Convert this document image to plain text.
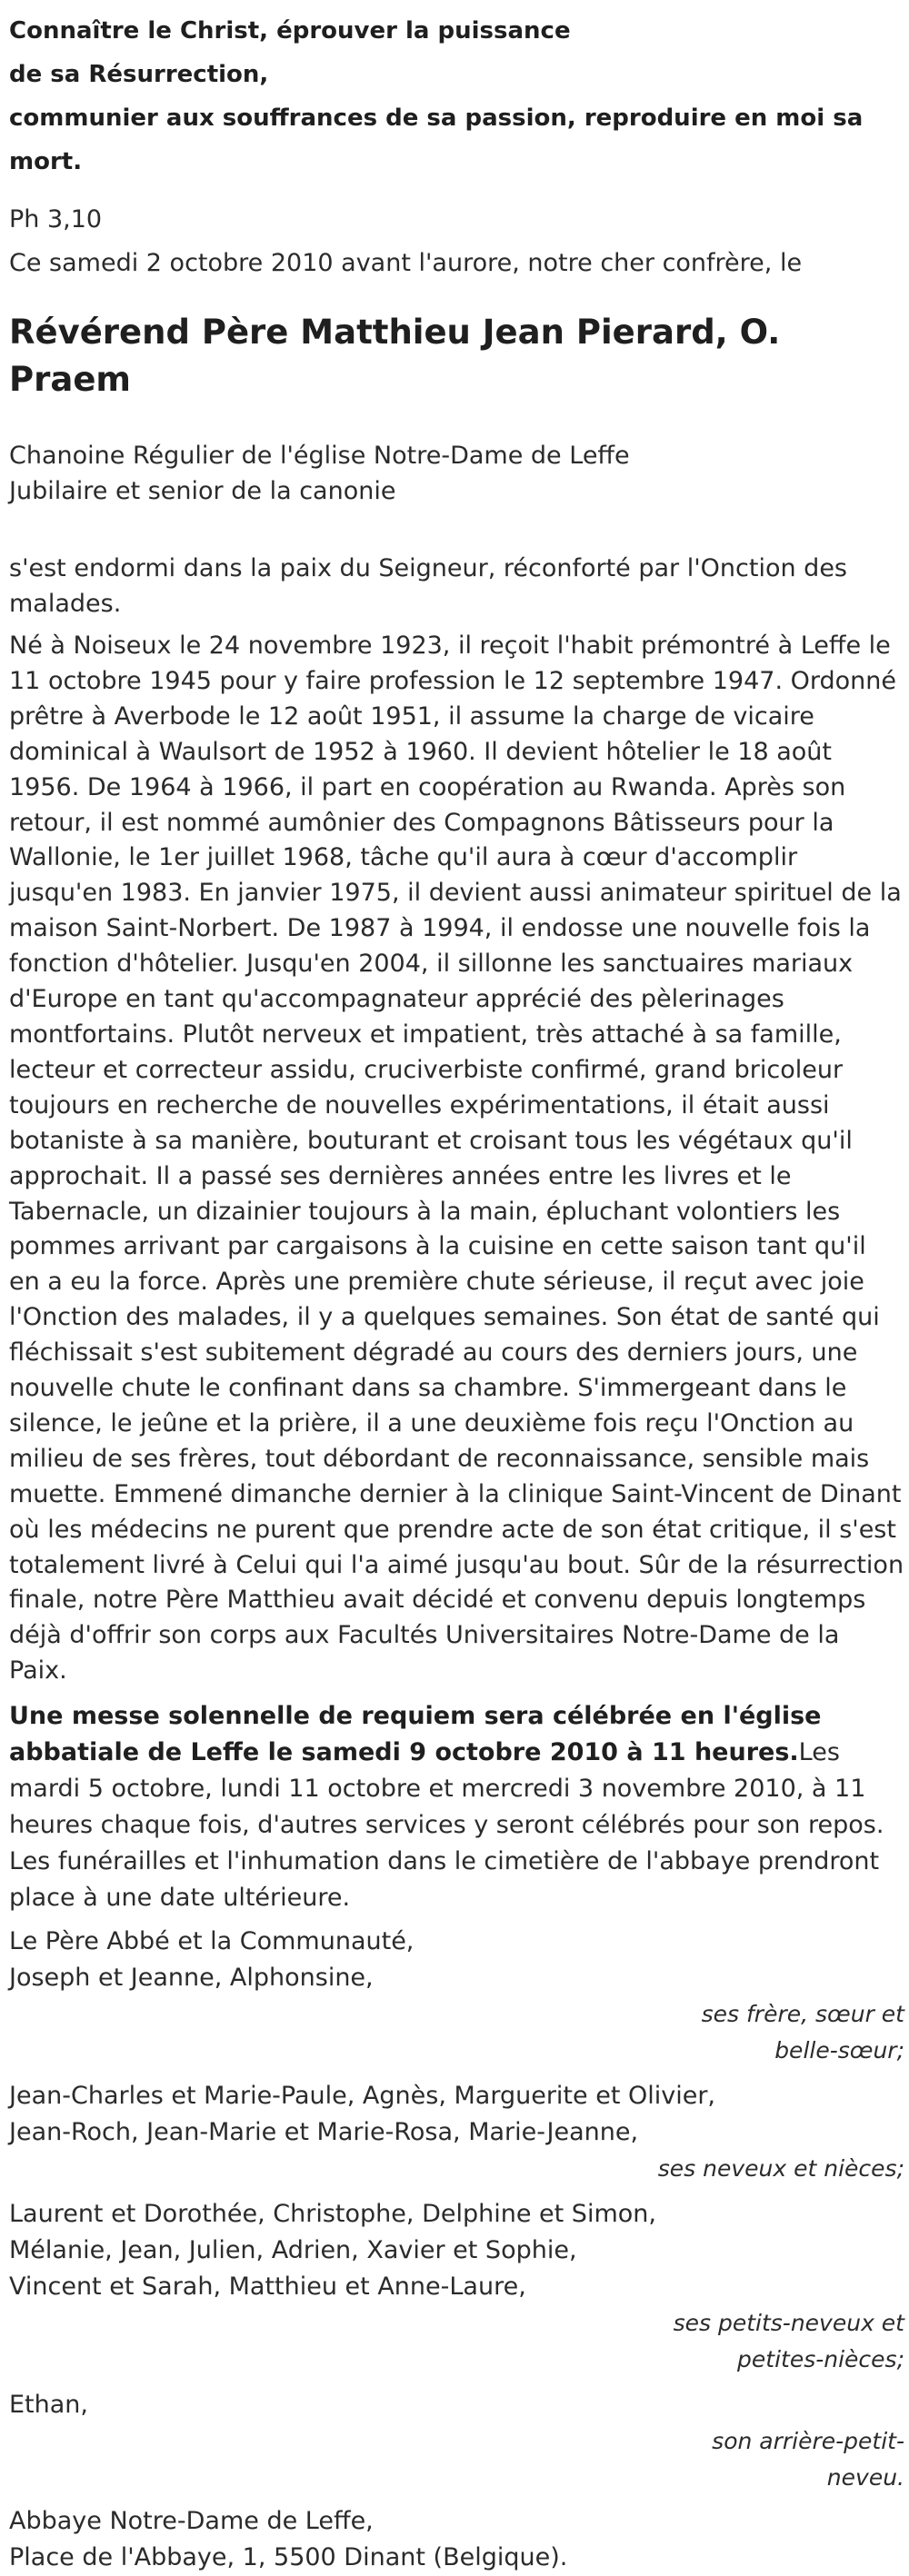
Connaître le Christ, éprouver la puissance
de sa Résurrection,
communier aux souffrances de sa passion, reproduire en moi sa mort.
Ph 3,10
Ce samedi 2 octobre 2010 avant l'aurore, notre cher confrère, le
Révérend Père Matthieu Jean Pierard, O. Praem
Chanoine Régulier de l'église Notre-Dame de Leffe
Jubilaire et senior de la canonie
s'est endormi dans la paix du Seigneur, réconforté par l'Onction des malades.
Né à Noiseux le 24 novembre 1923, il reçoit l'habit prémontré à Leffe le 11 octobre 1945 pour y faire profession le 12 septembre 1947. Ordonné prêtre à Averbode le 12 août 1951, il assume la charge de vicaire dominical à Waulsort de 1952 à 1960. Il devient hôtelier le 18 août 1956. De 1964 à 1966, il part en coopération au Rwanda. Après son retour, il est nommé aumônier des Compagnons Bâtisseurs pour la Wallonie, le 1er juillet 1968, tâche qu'il aura à cœur d'accomplir jusqu'en 1983. En janvier 1975, il devient aussi animateur spirituel de la maison Saint-Norbert. De 1987 à 1994, il endosse une nouvelle fois la fonction d'hôtelier. Jusqu'en 2004, il sillonne les sanctuaires mariaux d'Europe en tant qu'accompagnateur apprécié des pèlerinages montfortains. Plutôt nerveux et impatient, très attaché à sa famille, lecteur et correcteur assidu, cruciverbiste confirmé, grand bricoleur toujours en recherche de nouvelles expérimentations, il était aussi botaniste à sa manière, bouturant et croisant tous les végétaux qu'il approchait. Il a passé ses dernières années entre les livres et le Tabernacle, un dizainier toujours à la main, épluchant volontiers les pommes arrivant par cargaisons à la cuisine en cette saison tant qu'il en a eu la force. Après une première chute sérieuse, il reçut avec joie l'Onction des malades, il y a quelques semaines. Son état de santé qui fléchissait s'est subitement dégradé au cours des derniers jours, une nouvelle chute le confinant dans sa chambre. S'immergeant dans le silence, le jeûne et la prière, il a une deuxième fois reçu l'Onction au milieu de ses frères, tout débordant de reconnaissance, sensible mais muette. Emmené dimanche dernier à la clinique Saint-Vincent de Dinant où les médecins ne purent que prendre acte de son état critique, il s'est totalement livré à Celui qui l'a aimé jusqu'au bout. Sûr de la résurrection finale, notre Père Matthieu avait décidé et convenu depuis longtemps déjà d'offrir son corps aux Facultés Universitaires Notre-Dame de la Paix.
Une messe solennelle de requiem sera célébrée en l'église abbatiale de Leffe le samedi 9 octobre 2010 à 11 heures.Les mardi 5 octobre, lundi 11 octobre et mercredi 3 novembre 2010, à 11 heures chaque fois, d'autres services y seront célébrés pour son repos. Les funérailles et l'inhumation dans le cimetière de l'abbaye prendront place à une date ultérieure.
Le Père Abbé et la Communauté,
Joseph et Jeanne, Alphonsine,
ses frère, sœur et belle-sœur;
Jean-Charles et Marie-Paule, Agnès, Marguerite et Olivier,
Jean-Roch, Jean-Marie et Marie-Rosa, Marie-Jeanne,
ses neveux et nièces;
Laurent et Dorothée, Christophe, Delphine et Simon,
Mélanie, Jean, Julien, Adrien, Xavier et Sophie,
Vincent et Sarah, Matthieu et Anne-Laure,
ses petits-neveux et petites-nièces;
Ethan,
son arrière-petit-neveu.
Abbaye Notre-Dame de Leffe,
Place de l'Abbaye, 1, 5500 Dinant (Belgique).
